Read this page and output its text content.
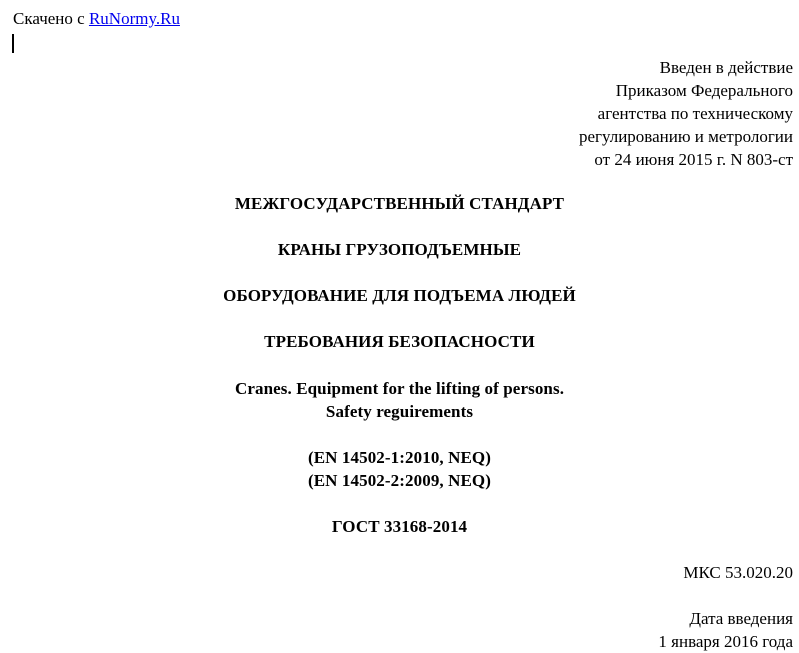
Скачено с RuNormy.Ru
Введен в действие
Приказом Федерального
агентства по техническому
регулированию и метрологии
от 24 июня 2015 г. N 803-ст
МЕЖГОСУДАРСТВЕННЫЙ СТАНДАРТ
КРАНЫ ГРУЗОПОДЪЕМНЫЕ
ОБОРУДОВАНИЕ ДЛЯ ПОДЪЕМА ЛЮДЕЙ
ТРЕБОВАНИЯ БЕЗОПАСНОСТИ
Cranes. Equipment for the lifting of persons.
Safety reguirements
(EN 14502-1:2010, NEQ)
(EN 14502-2:2009, NEQ)
ГОСТ 33168-2014
МКС 53.020.20
Дата введения
1 января 2016 года
